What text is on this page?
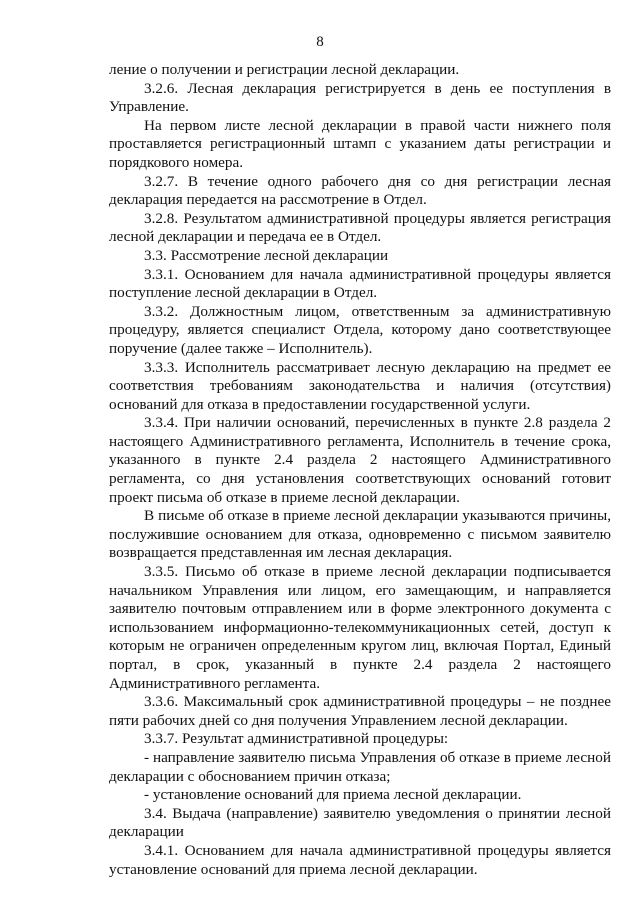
8

ление о получении и регистрации лесной декларации.

3.2.6. Лесная декларация регистрируется в день ее поступления в Управление.

На первом листе лесной декларации в правой части нижнего поля проставляется регистрационный штамп с указанием даты регистрации и порядкового номера.

3.2.7. В течение одного рабочего дня со дня регистрации лесная декларация передается на рассмотрение в Отдел.

3.2.8. Результатом административной процедуры является регистрация лесной декларации и передача ее в Отдел.

3.3. Рассмотрение лесной декларации

3.3.1. Основанием для начала административной процедуры является поступление лесной декларации в Отдел.

3.3.2. Должностным лицом, ответственным за административную процедуру, является специалист Отдела, которому дано соответствующее поручение (далее также – Исполнитель).

3.3.3. Исполнитель рассматривает лесную декларацию на предмет ее соответствия требованиям законодательства и наличия (отсутствия) оснований для отказа в предоставлении государственной услуги.

3.3.4. При наличии оснований, перечисленных в пункте 2.8 раздела 2 настоящего Административного регламента, Исполнитель в течение срока, указанного в пункте 2.4 раздела 2 настоящего Административного регламента, со дня установления соответствующих оснований готовит проект письма об отказе в приеме лесной декларации.

В письме об отказе в приеме лесной декларации указываются причины, послужившие основанием для отказа, одновременно с письмом заявителю возвращается представленная им лесная декларация.

3.3.5. Письмо об отказе в приеме лесной декларации подписывается начальником Управления или лицом, его замещающим, и направляется заявителю почтовым отправлением или в форме электронного документа с использованием информационно-телекоммуникационных сетей, доступ к которым не ограничен определенным кругом лиц, включая Портал, Единый портал, в срок, указанный в пункте 2.4 раздела 2 настоящего Административного регламента.

3.3.6. Максимальный срок административной процедуры – не позднее пяти рабочих дней со дня получения Управлением лесной декларации.

3.3.7. Результат административной процедуры:

- направление заявителю письма Управления об отказе в приеме лесной декларации с обоснованием причин отказа;

- установление оснований для приема лесной декларации.

3.4. Выдача (направление) заявителю уведомления о принятии лесной декларации

3.4.1. Основанием для начала административной процедуры является установление оснований для приема лесной декларации.
